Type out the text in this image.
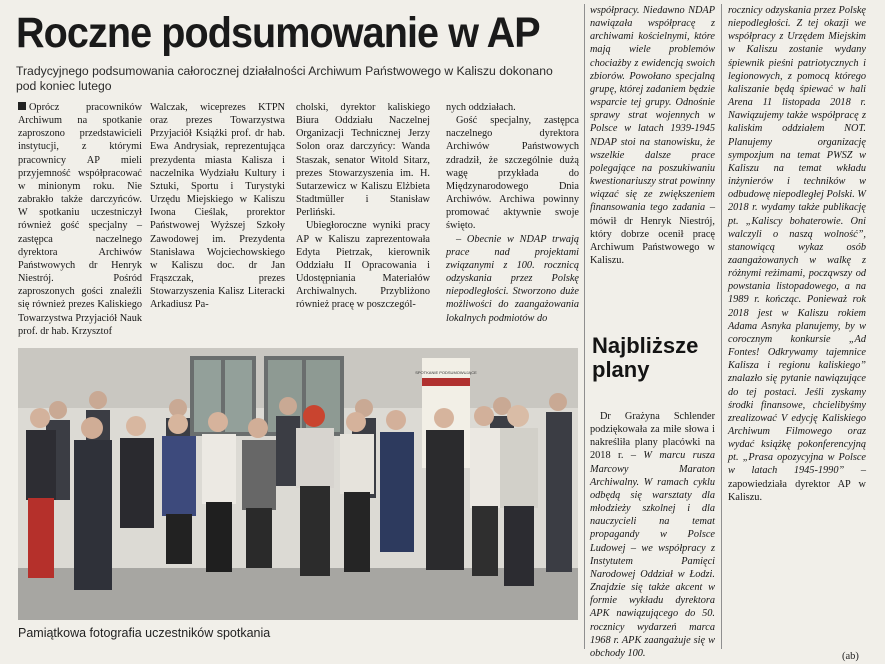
Roczne podsumowanie w AP
Tradycyjnego podsumowania całorocznej działalności Archiwum Państwowego w Kaliszu dokonano pod koniec lutego

Oprócz pracowników Archiwum na spotkanie zaproszono przedstawicieli instytucji, z którymi pracownicy AP mieli przyjemność współpracować w minionym roku. Nie zabrakło także darczyńców. W spotkaniu uczestniczył również gość specjalny – zastępca naczelnego dyrektora Archiwów Państwowych dr Henryk Niestrój. Pośród zaproszonych gości znaleźli się również prezes Kaliskiego Towarzystwa Przyjaciół Nauk prof. dr hab. Krzysztof

Walczak, wiceprezes KTPN oraz prezes Towarzystwa Przyjaciół Książki prof. dr hab. Ewa Andrysiak, reprezentująca prezydenta miasta Kalisza i naczelnika Wydziału Kultury i Sztuki, Sportu i Turystyki Urzędu Miejskiego w Kaliszu Iwona Cieślak, prorektor Państwowej Wyższej Szkoły Zawodowej im. Prezydenta Stanisława Wojciechowskiego w Kaliszu doc. dr Jan Frąszczak, prezes Stowarzyszenia Kalisz Literacki Arkadiusz Pa-

cholski, dyrektor kaliskiego Biura Oddziału Naczelnej Organizacji Technicznej Jerzy Solon oraz darczyńcy: Wanda Staszak, senator Witold Sitarz, prezes Stowarzyszenia im. H. Sutarzewicz w Kaliszu Elżbieta Stadtmüller i Stanisław Perliński.

Ubiegłoroczne wyniki pracy AP w Kaliszu zaprezentowała Edyta Pietrzak, kierownik Oddziału II Opracowania i Udostępniania Materiałów Archiwalnych. Przybliżono również pracę w poszczegól-

nych oddziałach.

Gość specjalny, zastępca naczelnego dyrektora Archiwów Państwowych zdradził, że szczególnie dużą wagę przykłada do Międzynarodowego Dnia Archiwów. Archiwa powinny promować aktywnie swoje święto.

– Obecnie w NDAP trwają prace nad projektami związanymi z 100. rocznicą odzyskania przez Polskę niepodległości. Stworzono duże możliwości do zaangażowania lokalnych podmiotów do

współpracy. Niedawno NDAP nawiązała współpracę z archiwami kościelnymi, które mają wiele problemów chociażby z ewidencją swoich zbiorów. Powołano specjalną grupę, której zadaniem będzie wsparcie tej grupy. Odnośnie sprawy strat wojennych w Polsce w latach 1939-1945 NDAP stoi na stanowisku, że wszelkie dalsze prace polegające na poszukiwaniu kwestionariuszy strat powinny wiązać się ze zwiększeniem finansowania tego zadania – mówił dr Henryk Niestrój, który dobrze ocenił pracę Archiwum Państwowego w Kaliszu.

Najbliższe plany

Dr Grażyna Schlender podziękowała za miłe słowa i nakreśliła plany placówki na 2018 r. – W marcu rusza Marcowy Maraton Archiwalny. W ramach cyklu odbędą się warsztaty dla młodzieży szkolnej i dla nauczycieli na temat propagandy w Polsce Ludowej – we współpracy z Instytutem Pamięci Narodowej Oddział w Łodzi. Znajdzie się także akcent w formie wykładu dyrektora APK nawiązującego do 50. rocznicy wydarzeń marca 1968 r. APK zaangażuje się w obchody 100.

rocznicy odzyskania przez Polskę niepodległości. Z tej okazji we współpracy z Urzędem Miejskim w Kaliszu zostanie wydany śpiewnik pieśni patriotycznych i legionowych, z pomocą którego kaliszanie będą śpiewać w hali Arena 11 listopada 2018 r. Nawiązujemy także współpracę z kaliskim oddziałem NOT. Planujemy organizację sympozjum na temat PWSZ w Kaliszu na temat wkładu inżynierów i techników w odbudowę niepodległej Polski. W 2018 r. wydamy także publikację pt. „Kaliscy bohaterowie. Oni walczyli o naszą wolność”, stanowiącą wykaz osób zaangażowanych w walkę z różnymi reżimami, począwszy od powstania listopadowego, a na 1989 r. kończąc. Ponieważ rok 2018 jest w Kaliszu rokiem Adama Asnyka planujemy, by w corocznym konkursie „Ad Fontes! Odkrywamy tajemnice Kalisza i regionu kaliskiego” znalazło się pytanie nawiązujące do tej postaci. Jeśli zyskamy środki finansowe, chcielibyśmy zrealizować V edycję Kaliskiego Archiwum Filmowego oraz wydać książkę pokonferencyjną pt. „Prasa opozycyjna w Polsce w latach 1945-1990” – zapowiedziała dyrektor AP w Kaliszu.

SPOTKANIE PODSUMOWUJĄCE
Pamiątkowa fotografia uczestników spotkania
(ab)
